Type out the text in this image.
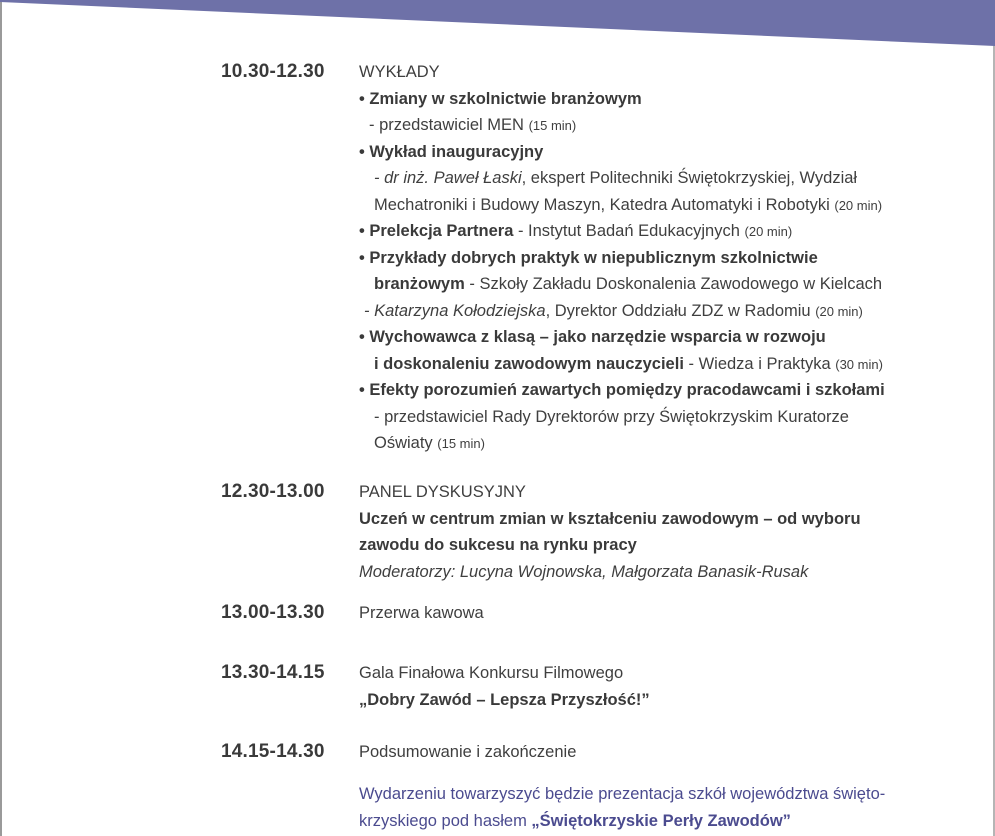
10.30-12.30 WYKŁADY
• Zmiany w szkolnictwie branżowym
- przedstawiciel MEN (15 min)
• Wykład inauguracyjny
- dr inż. Paweł Łaski, ekspert Politechniki Świętokrzyskiej, Wydział
Mechatroniki i Budowy Maszyn, Katedra Automatyki i Robotyki (20 min)
• Prelekcja Partnera - Instytut Badań Edukacyjnych (20 min)
• Przykłady dobrych praktyk w niepublicznym szkolnictwie
branżowym - Szkoły Zakładu Doskonalenia Zawodowego w Kielcach
- Katarzyna Kołodziejska, Dyrektor Oddziału ZDZ w Radomiu (20 min)
• Wychowawca z klasą – jako narzędzie wsparcia w rozwoju
i doskonaleniu zawodowym nauczycieli - Wiedza i Praktyka (30 min)
• Efekty porozumień zawartych pomiędzy pracodawcami i szkołami
- przedstawiciel Rady Dyrektorów przy Świętokrzyskim Kuratorze
Oświaty (15 min)
12.30-13.00 PANEL DYSKUSYJNY
Uczeń w centrum zmian w kształceniu zawodowym – od wyboru
zawodu do sukcesu na rynku pracy
Moderatorzy: Lucyna Wojnowska, Małgorzata Banasik-Rusak
13.00-13.30 Przerwa kawowa
13.30-14.15 Gala Finałowa Konkursu Filmowego
„Dobry Zawód – Lepsza Przyszłość!”
14.15-14.30 Podsumowanie i zakończenie
Wydarzeniu towarzyszyć będzie prezentacja szkół województwa święto-
krzyskiego pod hasłem „Świętokrzyskie Perły Zawodów”
